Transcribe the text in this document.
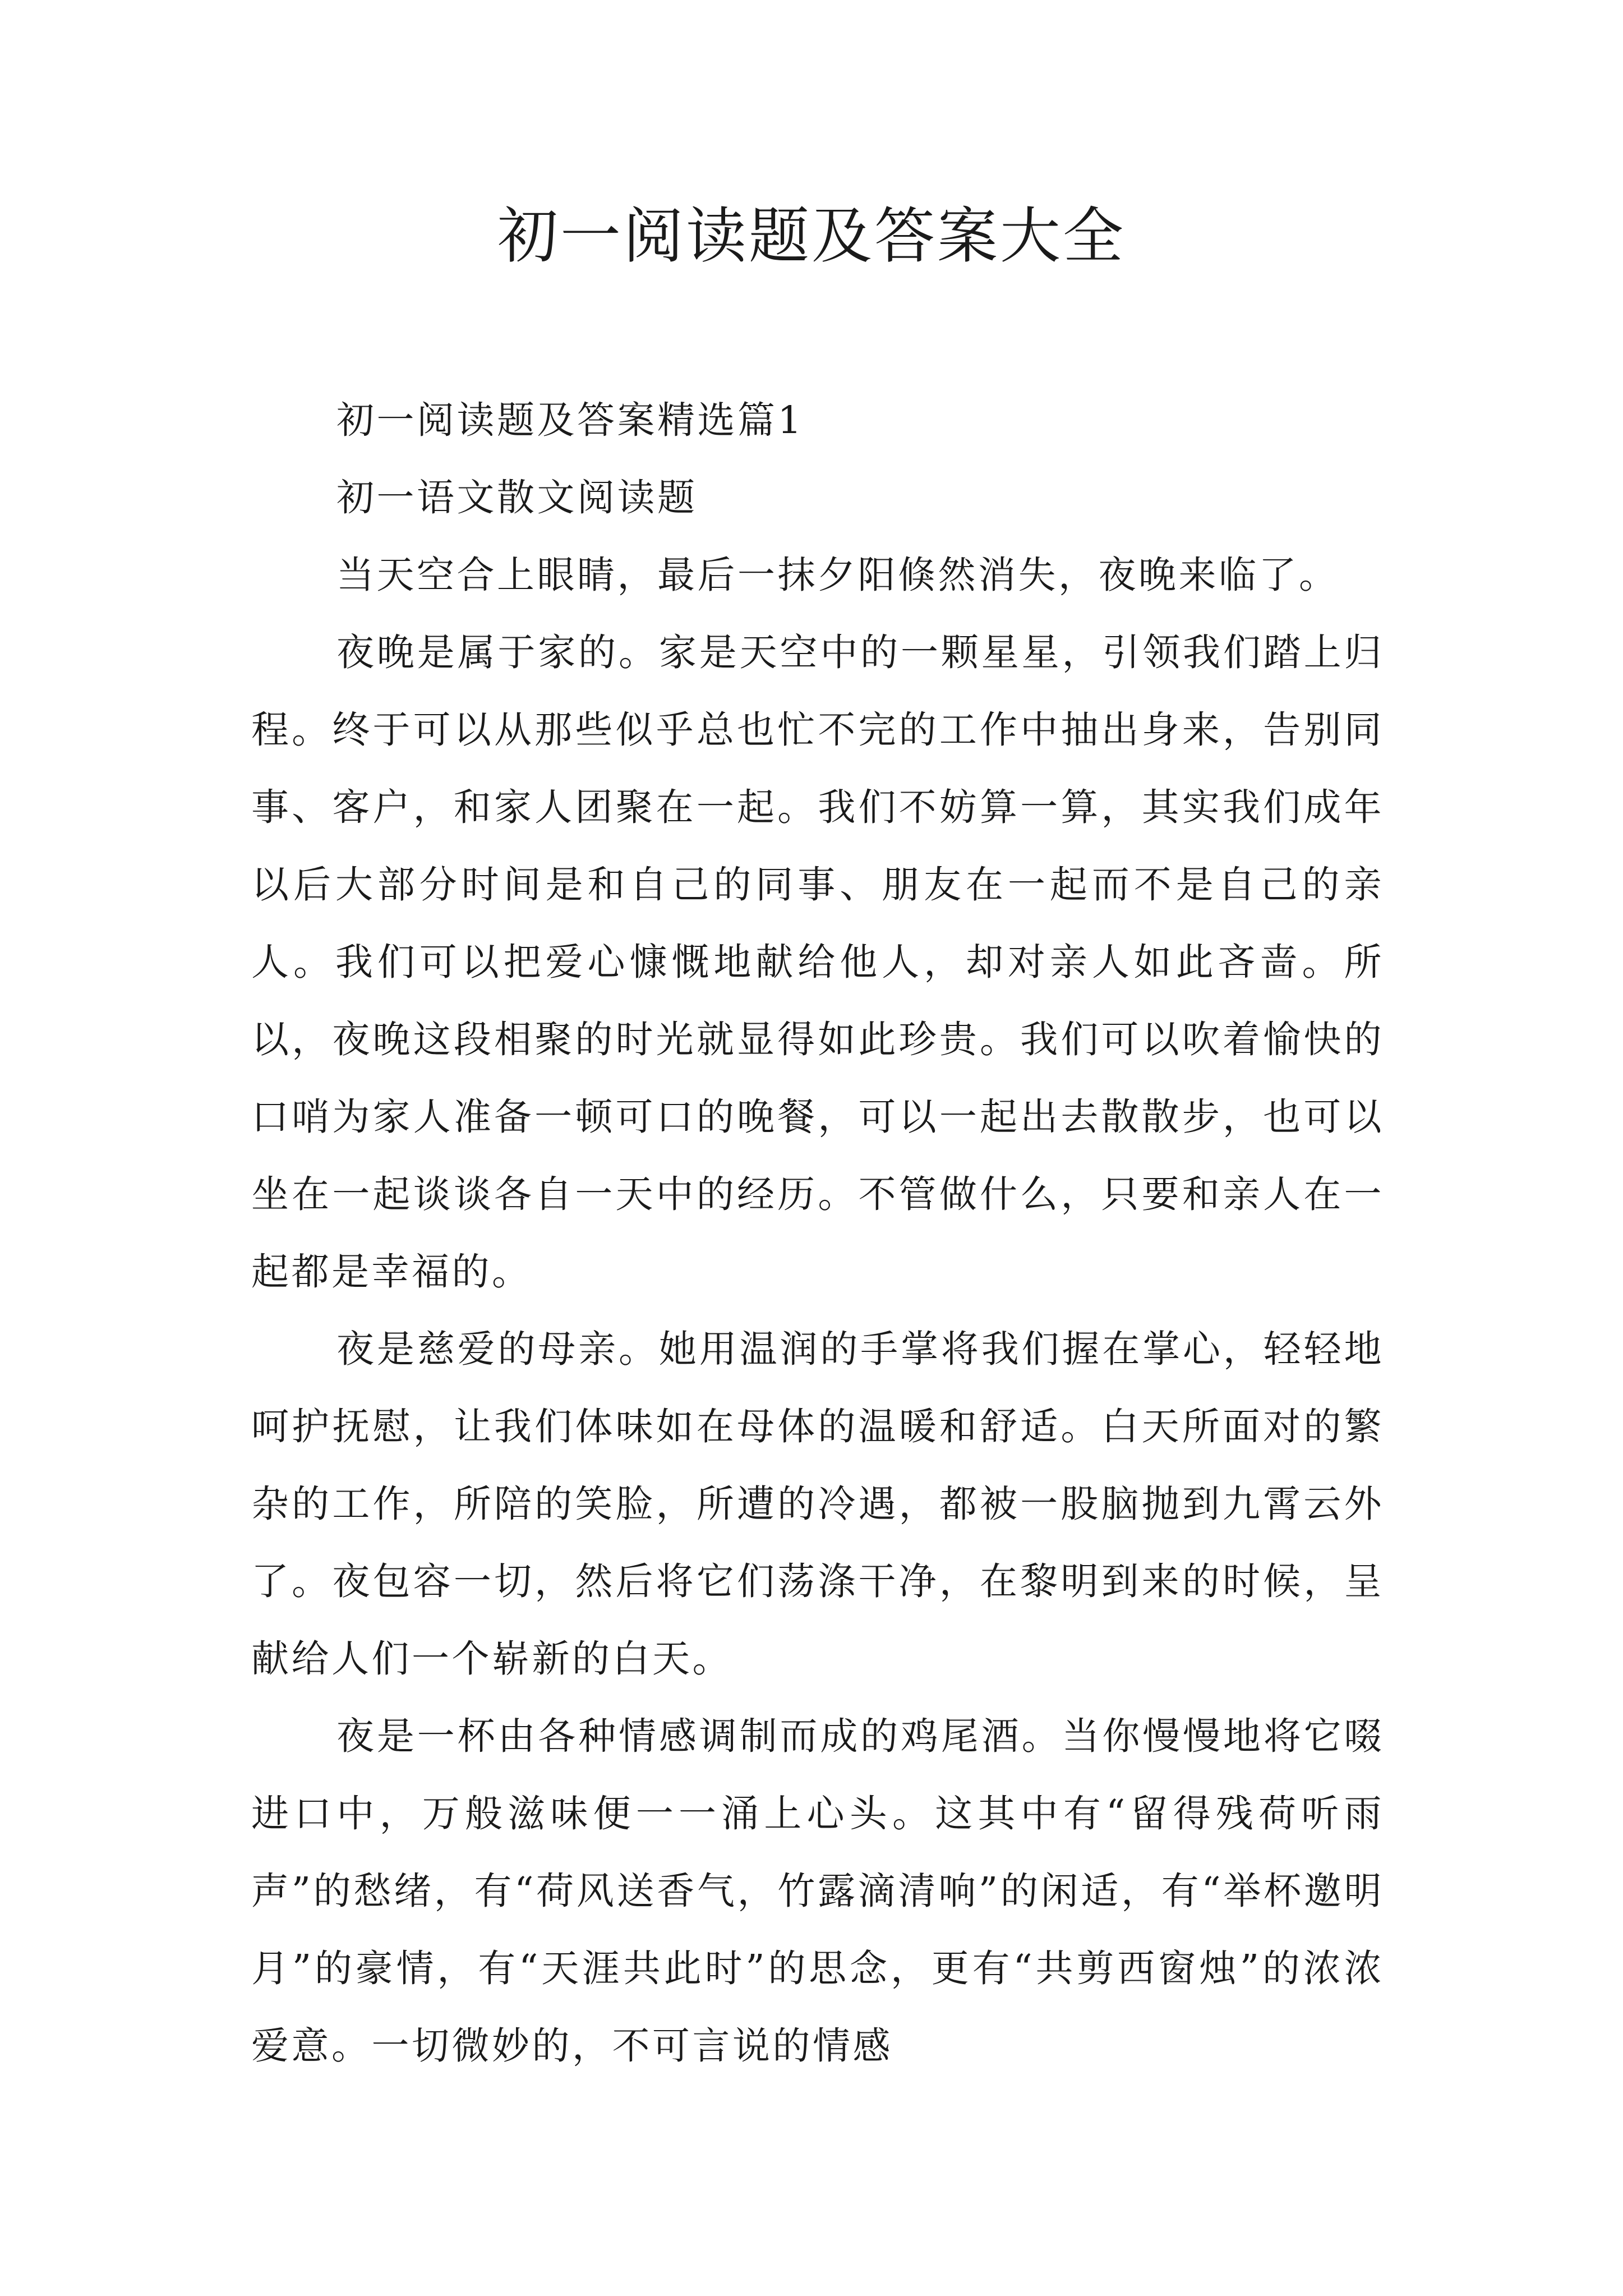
初一阅读题及答案大全

初一阅读题及答案精选篇1

初一语文散文阅读题

当天空合上眼睛，最后一抹夕阳倏然消失，夜晚来临了。

夜晚是属于家的。家是天空中的一颗星星，引领我们踏上归程。终于可以从那些似乎总也忙不完的工作中抽出身来，告别同事、客户，和家人团聚在一起。我们不妨算一算，其实我们成年以后大部分时间是和自己的同事、朋友在一起而不是自己的亲人。我们可以把爱心慷慨地献给他人，却对亲人如此吝啬。所以，夜晚这段相聚的时光就显得如此珍贵。我们可以吹着愉快的口哨为家人准备一顿可口的晚餐，可以一起出去散散步，也可以坐在一起谈谈各自一天中的经历。不管做什么，只要和亲人在一起都是幸福的。

夜是慈爱的母亲。她用温润的手掌将我们握在掌心，轻轻地呵护抚慰，让我们体味如在母体的温暖和舒适。白天所面对的繁杂的工作，所陪的笑脸，所遭的冷遇，都被一股脑抛到九霄云外了。夜包容一切，然后将它们荡涤干净，在黎明到来的时候，呈献给人们一个崭新的白天。

夜是一杯由各种情感调制而成的鸡尾酒。当你慢慢地将它啜进口中，万般滋味便一一涌上心头。这其中有“留得残荷听雨声”的愁绪，有“荷风送香气，竹露滴清响”的闲适，有“举杯邀明月”的豪情，有“天涯共此时”的思念，更有“共剪西窗烛”的浓浓爱意。一切微妙的，不可言说的情感
